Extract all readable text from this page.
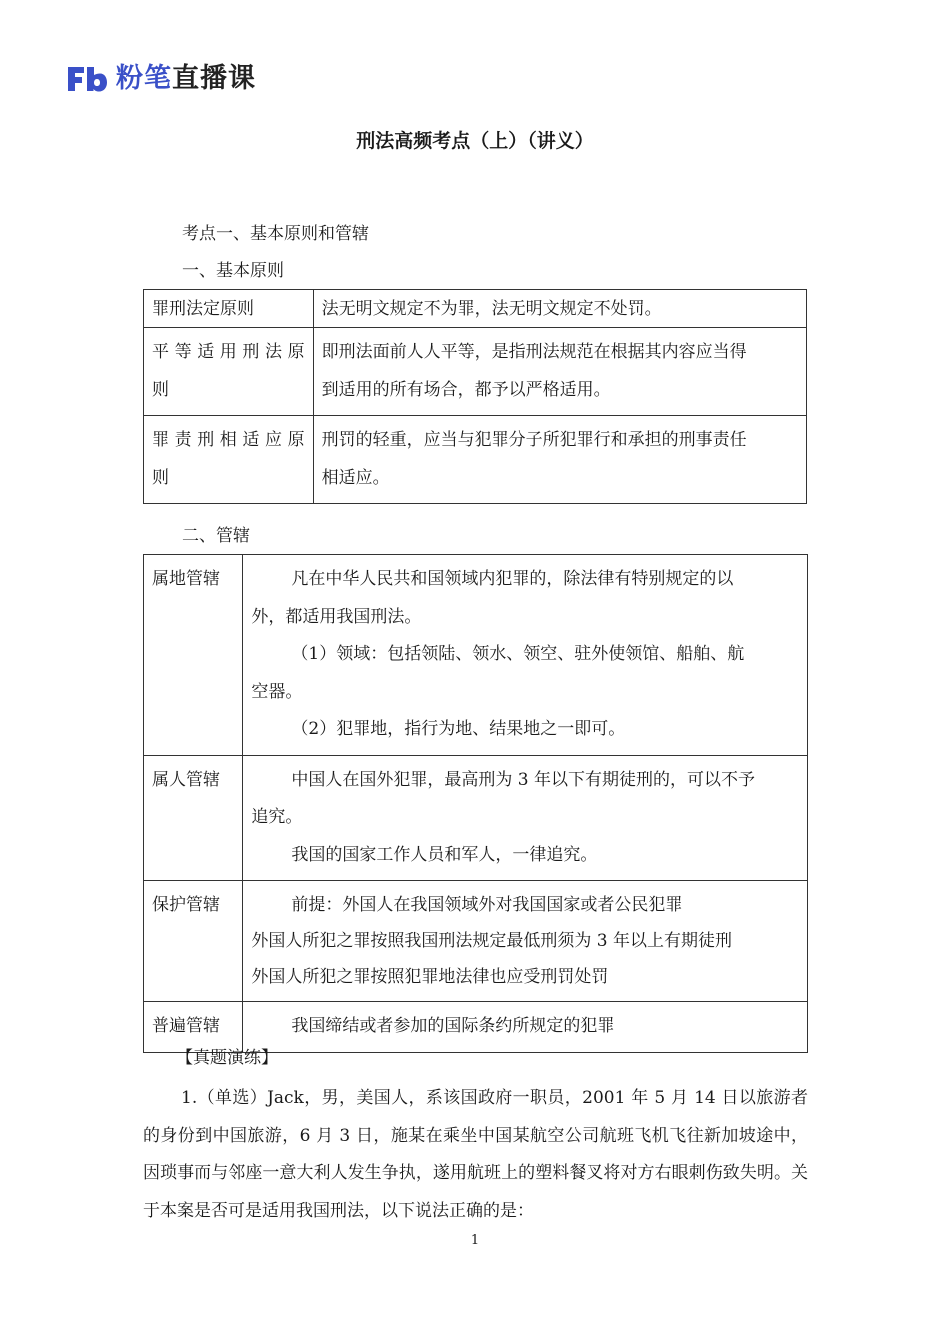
粉笔直播课
刑法高频考点（上）（讲义）
考点一、基本原则和管辖
一、基本原则
罪刑法定原则	法无明文规定不为罪，法无明文规定不处罚。

平等适用刑法原
则	即刑法面前人人平等，是指刑法规范在根据其内容应当得
到适用的所有场合，都予以严格适用。

罪责刑相适应原
则	刑罚的轻重，应当与犯罪分子所犯罪行和承担的刑事责任
相适应。
二、管辖
属地管辖	凡在中华人民共和国领域内犯罪的，除法律有特别规定的以
外，都适用我国刑法。
（1）领域：包括领陆、领水、领空、驻外使领馆、船舶、航
空器。
（2）犯罪地，指行为地、结果地之一即可。

属人管辖	中国人在国外犯罪，最高刑为 3 年以下有期徒刑的，可以不予
追究。
我国的国家工作人员和军人，一律追究。

保护管辖	前提：外国人在我国领域外对我国国家或者公民犯罪
外国人所犯之罪按照我国刑法规定最低刑须为 3 年以上有期徒刑
外国人所犯之罪按照犯罪地法律也应受刑罚处罚

普遍管辖	我国缔结或者参加的国际条约所规定的犯罪
【真题演练】
1.（单选）Jack，男，美国人，系该国政府一职员，2001 年 5 月 14 日以旅游者的身份到中国旅游，6 月 3 日，施某在乘坐中国某航空公司航班飞机飞往新加坡途中，因琐事而与邻座一意大利人发生争执，遂用航班上的塑料餐叉将对方右眼刺伤致失明。关于本案是否可是适用我国刑法，以下说法正确的是：
1
